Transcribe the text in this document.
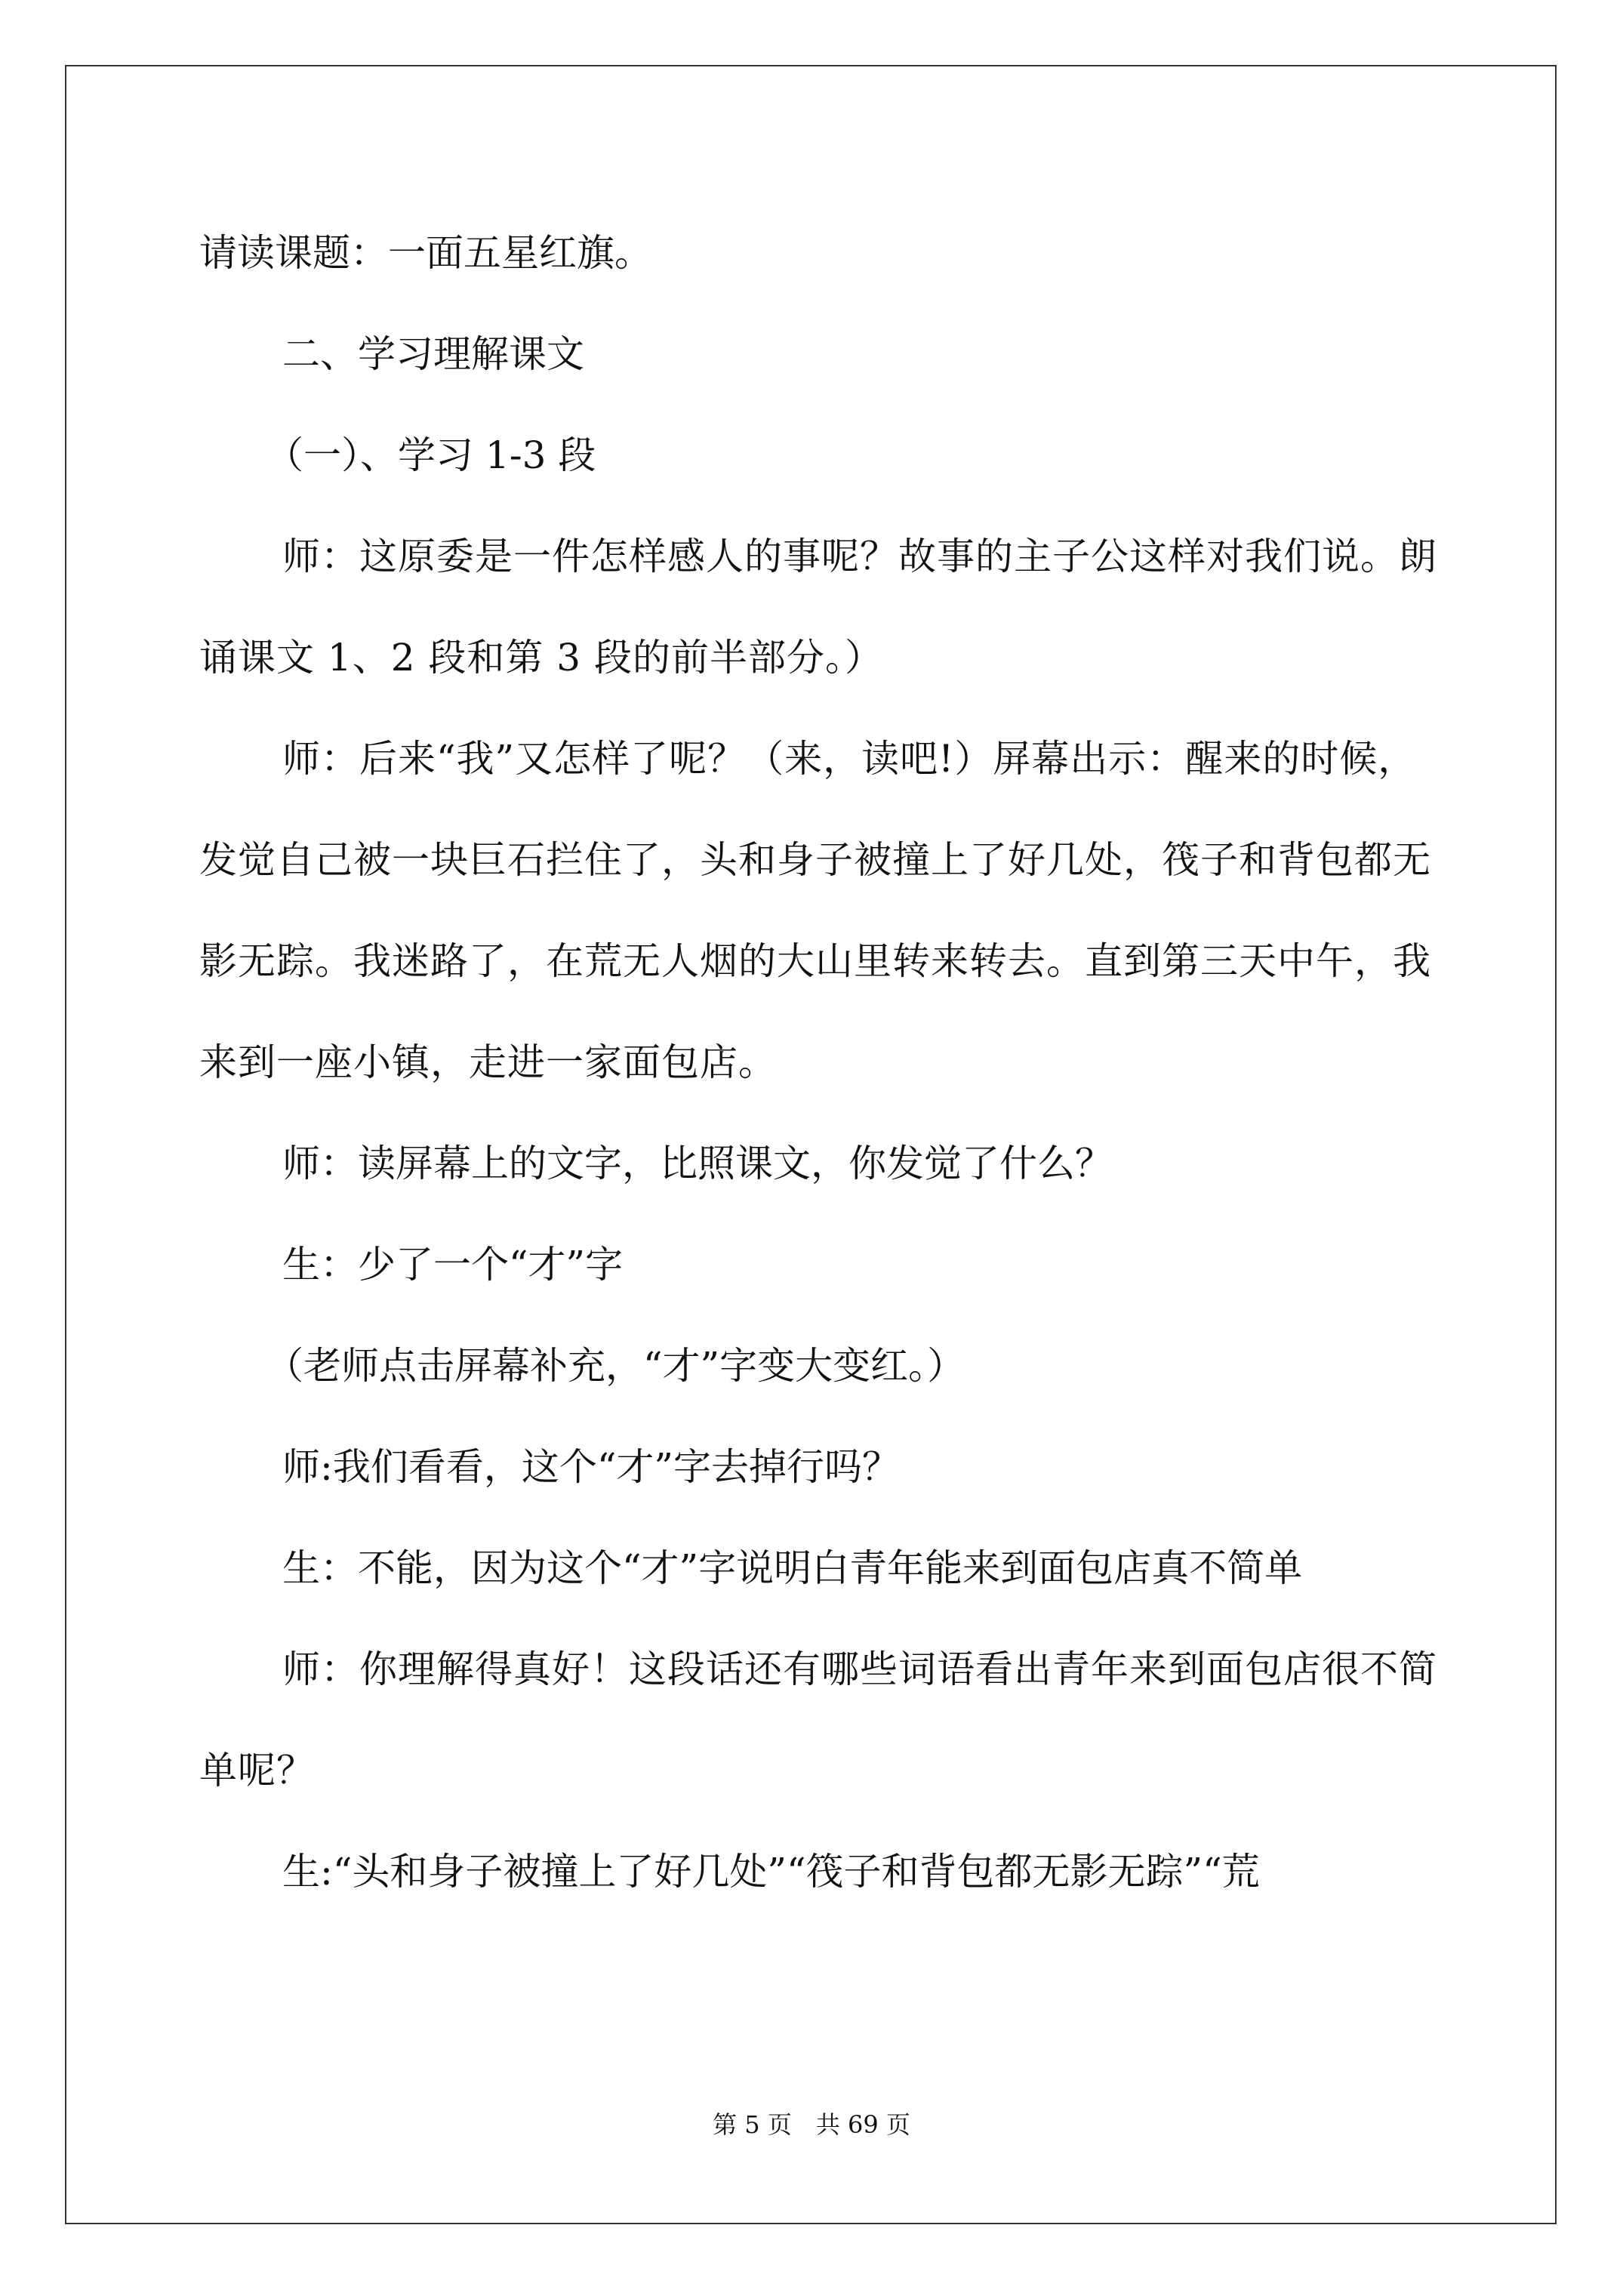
请读课题：一面五星红旗。

二、学习理解课文

（一）、学习 1-3 段

师：这原委是一件怎样感人的事呢？故事的主子公这样对我们说。朗诵课文 1、2 段和第 3 段的前半部分。）

师：后来“我”又怎样了呢？（来，读吧!）屏幕出示：醒来的时候，发觉自己被一块巨石拦住了，头和身子被撞上了好几处，筏子和背包都无影无踪。我迷路了，在荒无人烟的大山里转来转去。直到第三天中午，我来到一座小镇，走进一家面包店。

师：读屏幕上的文字，比照课文，你发觉了什么？

生：少了一个“才”字

（老师点击屏幕补充，“才”字变大变红。）

师:我们看看，这个“才”字去掉行吗？

生：不能，因为这个“才”字说明白青年能来到面包店真不简单

师：你理解得真好！这段话还有哪些词语看出青年来到面包店很不简单呢？

生:“头和身子被撞上了好几处”“筏子和背包都无影无踪”“荒

第 5 页　共 69 页
